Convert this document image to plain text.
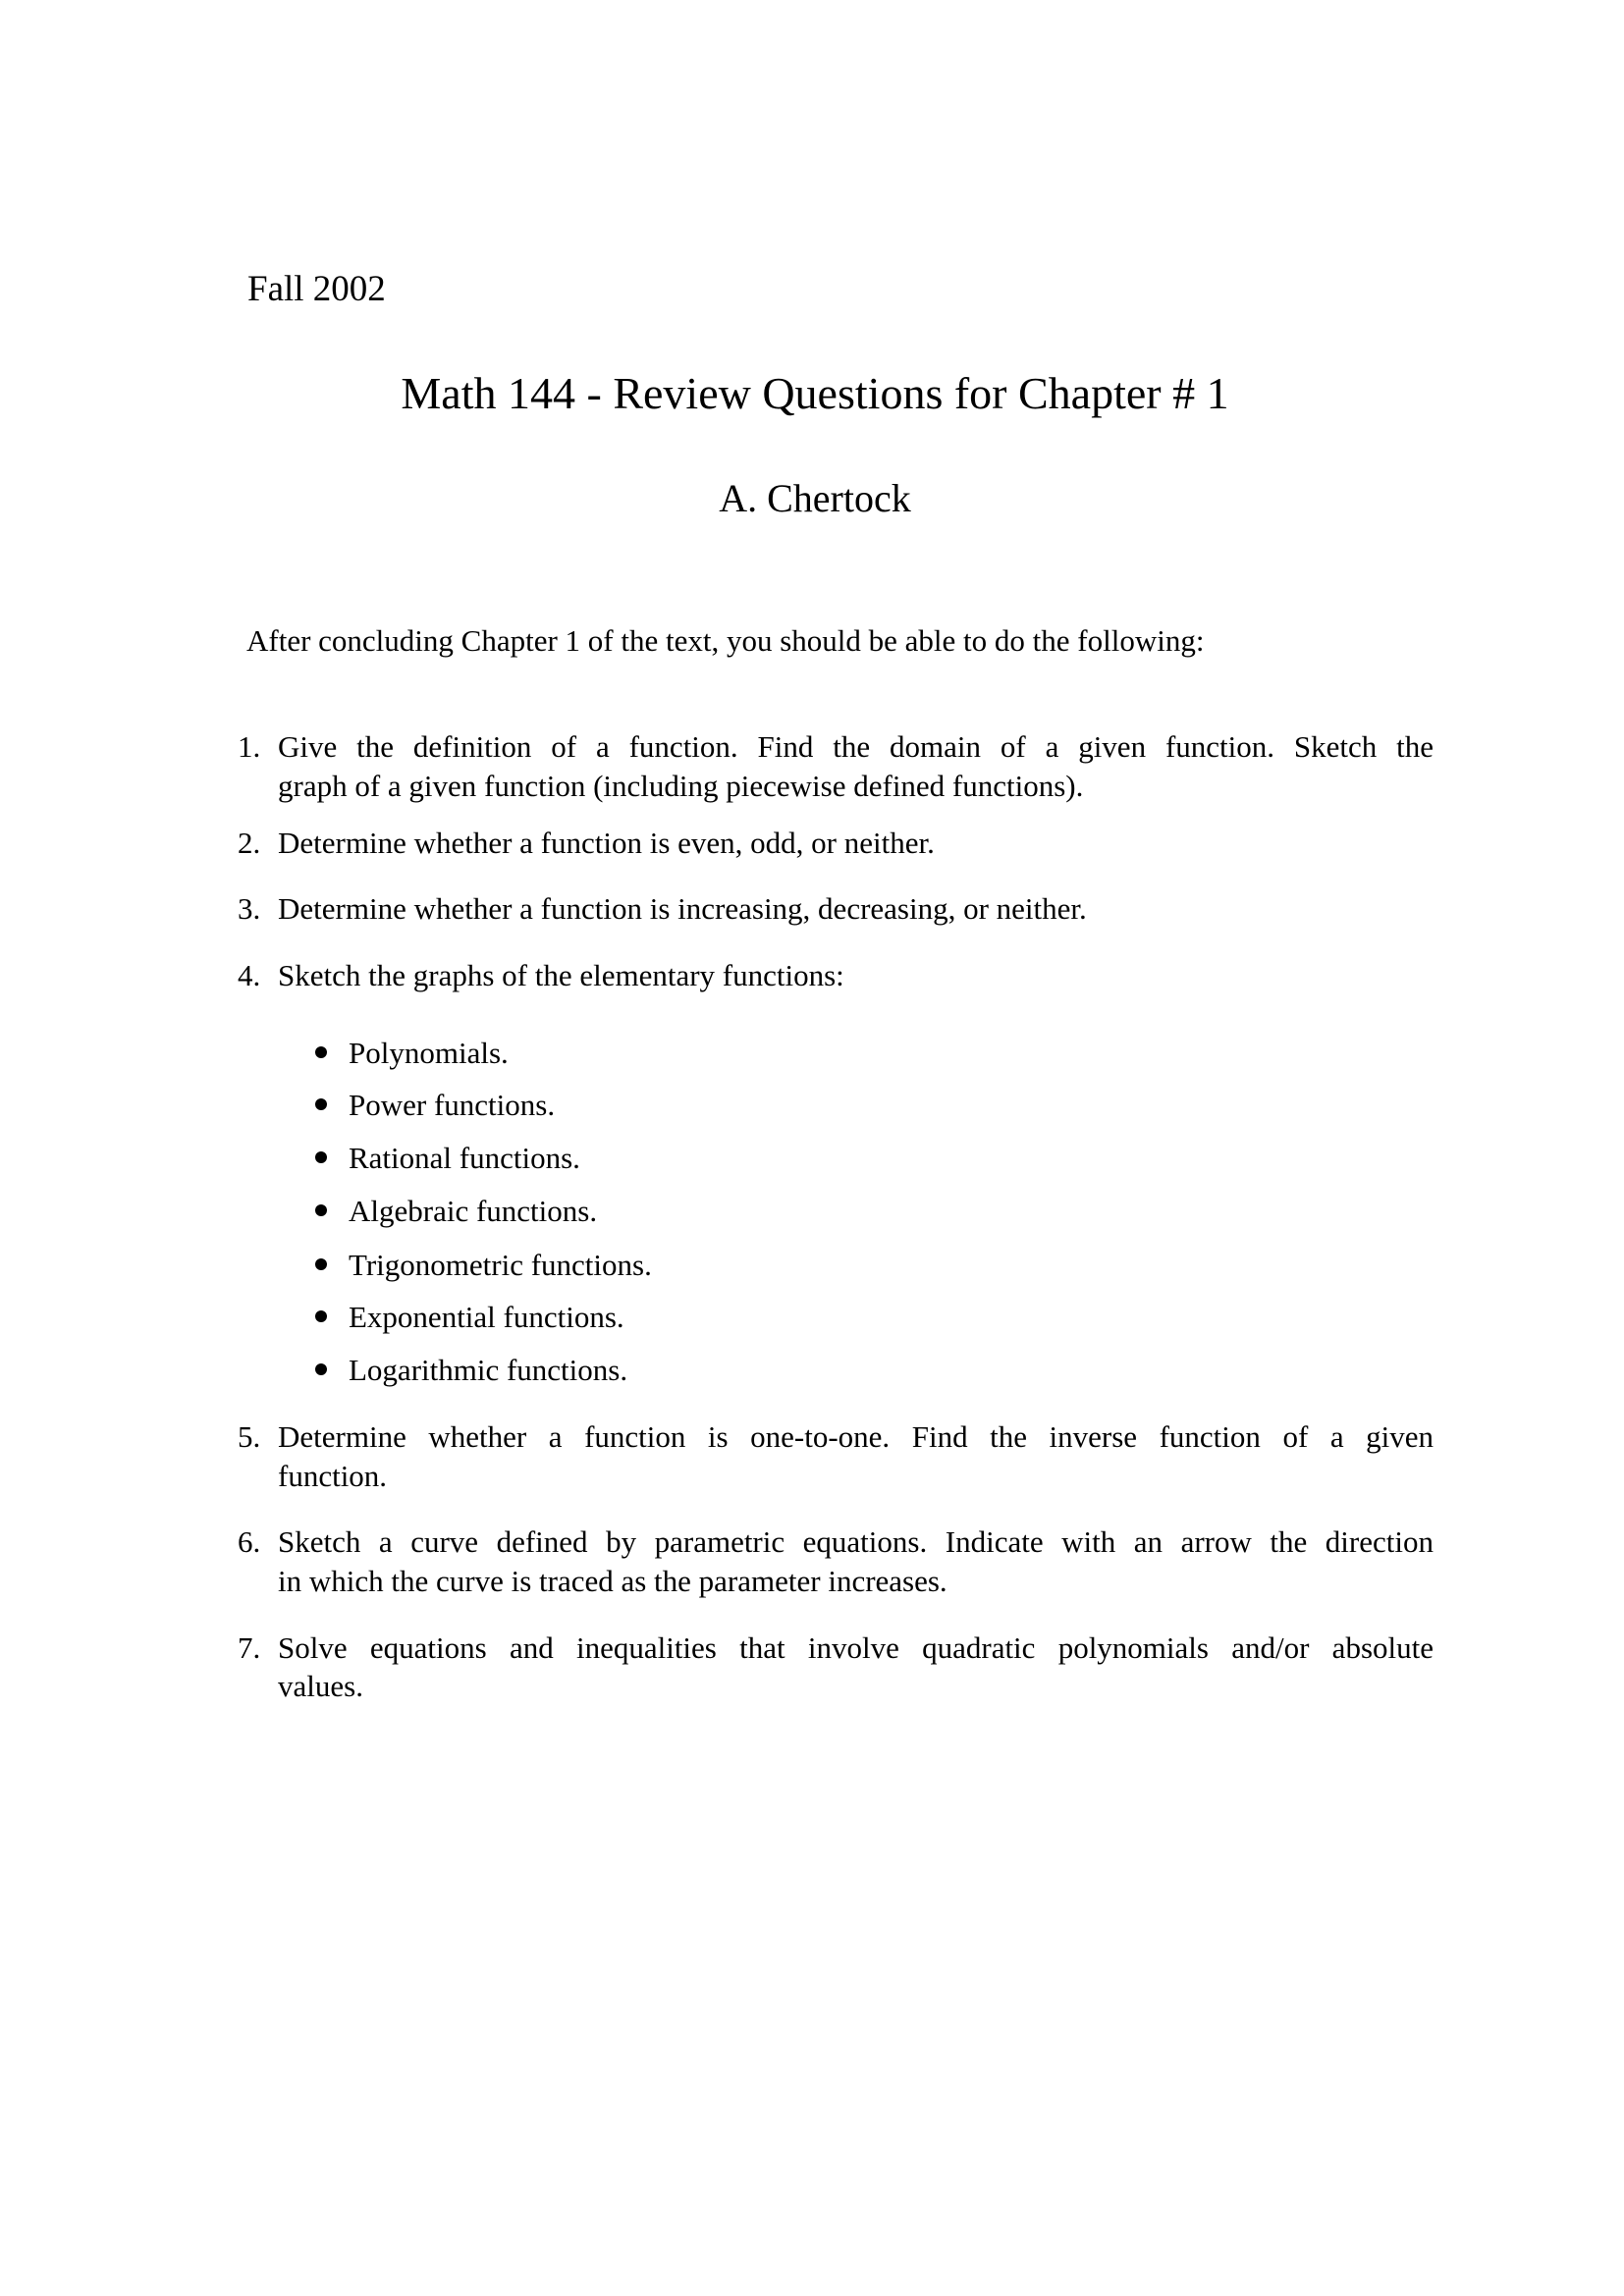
Fall 2002
Math 144 - Review Questions for Chapter # 1
A. Chertock
After concluding Chapter 1 of the text, you should be able to do the following:
1. Give the definition of a function. Find the domain of a given function. Sketch the
graph of a given function (including piecewise defined functions).
2. Determine whether a function is even, odd, or neither.
3. Determine whether a function is increasing, decreasing, or neither.
4. Sketch the graphs of the elementary functions:
Polynomials.
Power functions.
Rational functions.
Algebraic functions.
Trigonometric functions.
Exponential functions.
Logarithmic functions.
5. Determine whether a function is one-to-one. Find the inverse function of a given
function.
6. Sketch a curve defined by parametric equations. Indicate with an arrow the direction
in which the curve is traced as the parameter increases.
7. Solve equations and inequalities that involve quadratic polynomials and/or absolute
values.
